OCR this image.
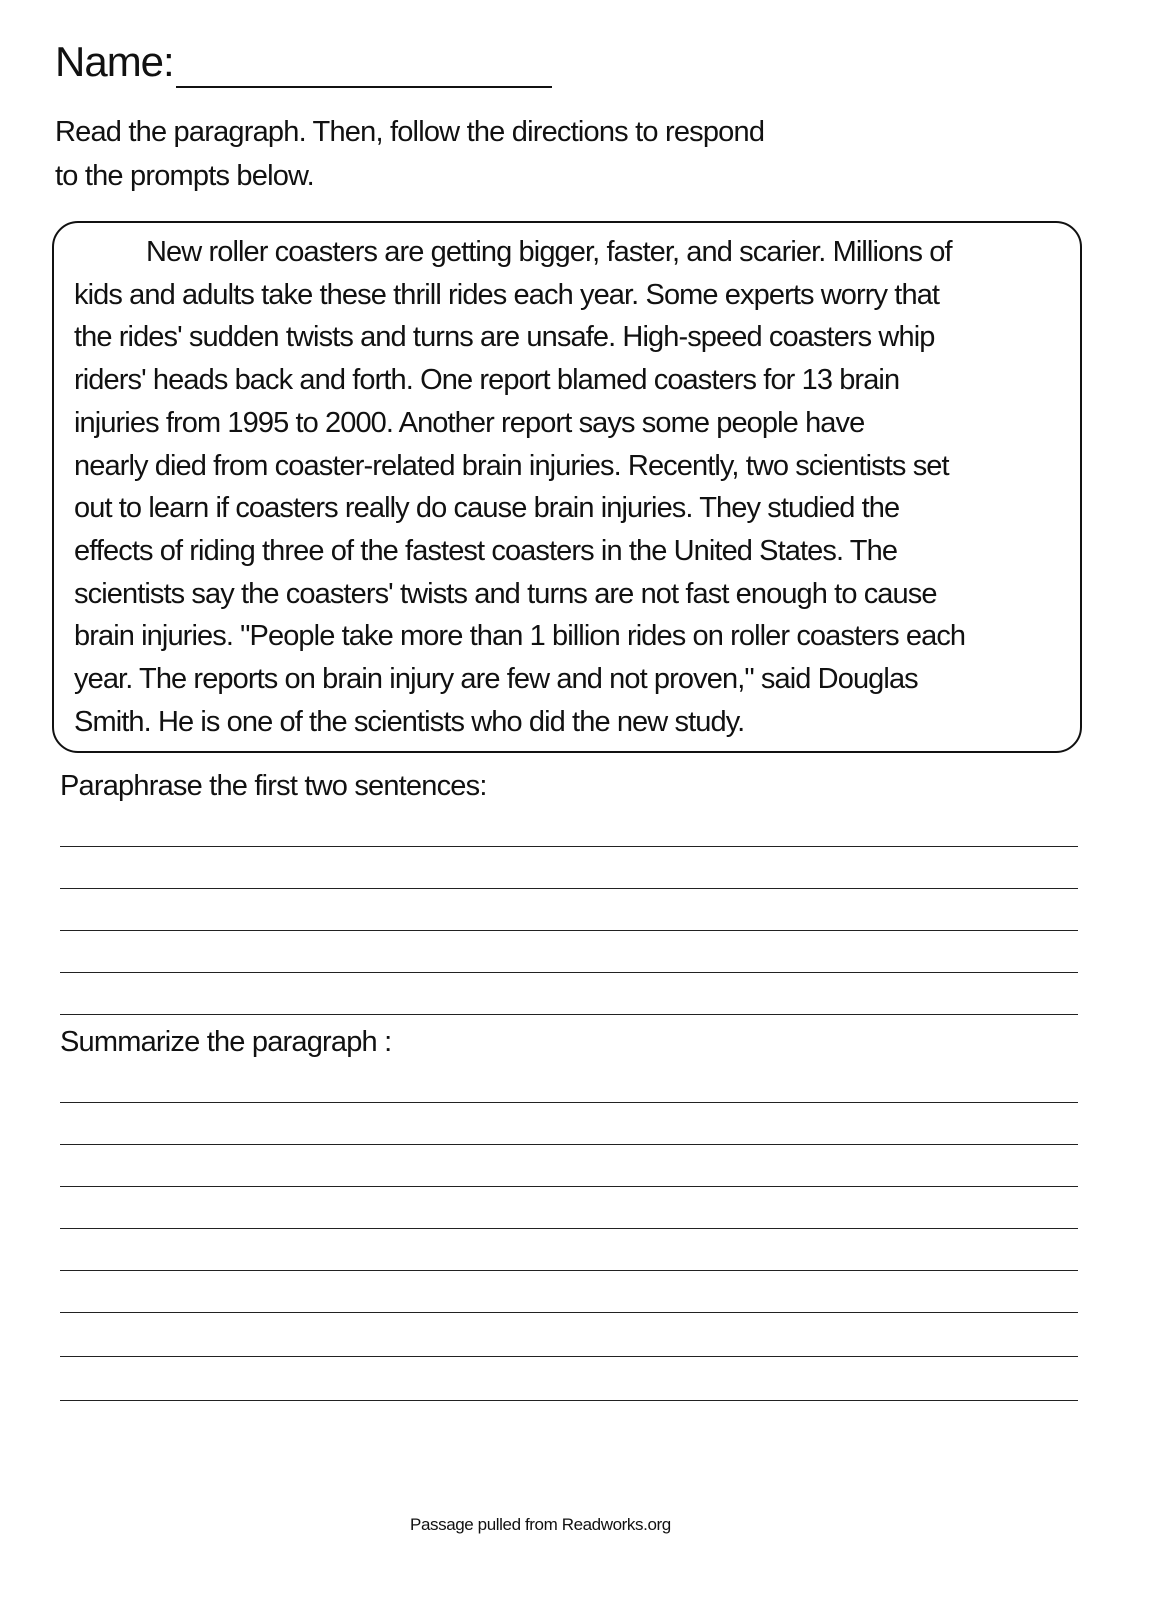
Name:
Read the paragraph. Then, follow the directions to respond
to the prompts below.
New roller coasters are getting bigger, faster, and scarier. Millions of
kids and adults take these thrill rides each year. Some experts worry that
the rides' sudden twists and turns are unsafe. High-speed coasters whip
riders' heads back and forth. One report blamed coasters for 13 brain
injuries from 1995 to 2000. Another report says some people have
nearly died from coaster-related brain injuries. Recently, two scientists set
out to learn if coasters really do cause brain injuries. They studied the
effects of riding three of the fastest coasters in the United States. The
scientists say the coasters' twists and turns are not fast enough to cause
brain injuries. "People take more than 1 billion rides on roller coasters each
year. The reports on brain injury are few and not proven," said Douglas
Smith. He is one of the scientists who did the new study.
Paraphrase the first two sentences:
Summarize the paragraph :
Passage pulled from Readworks.org
